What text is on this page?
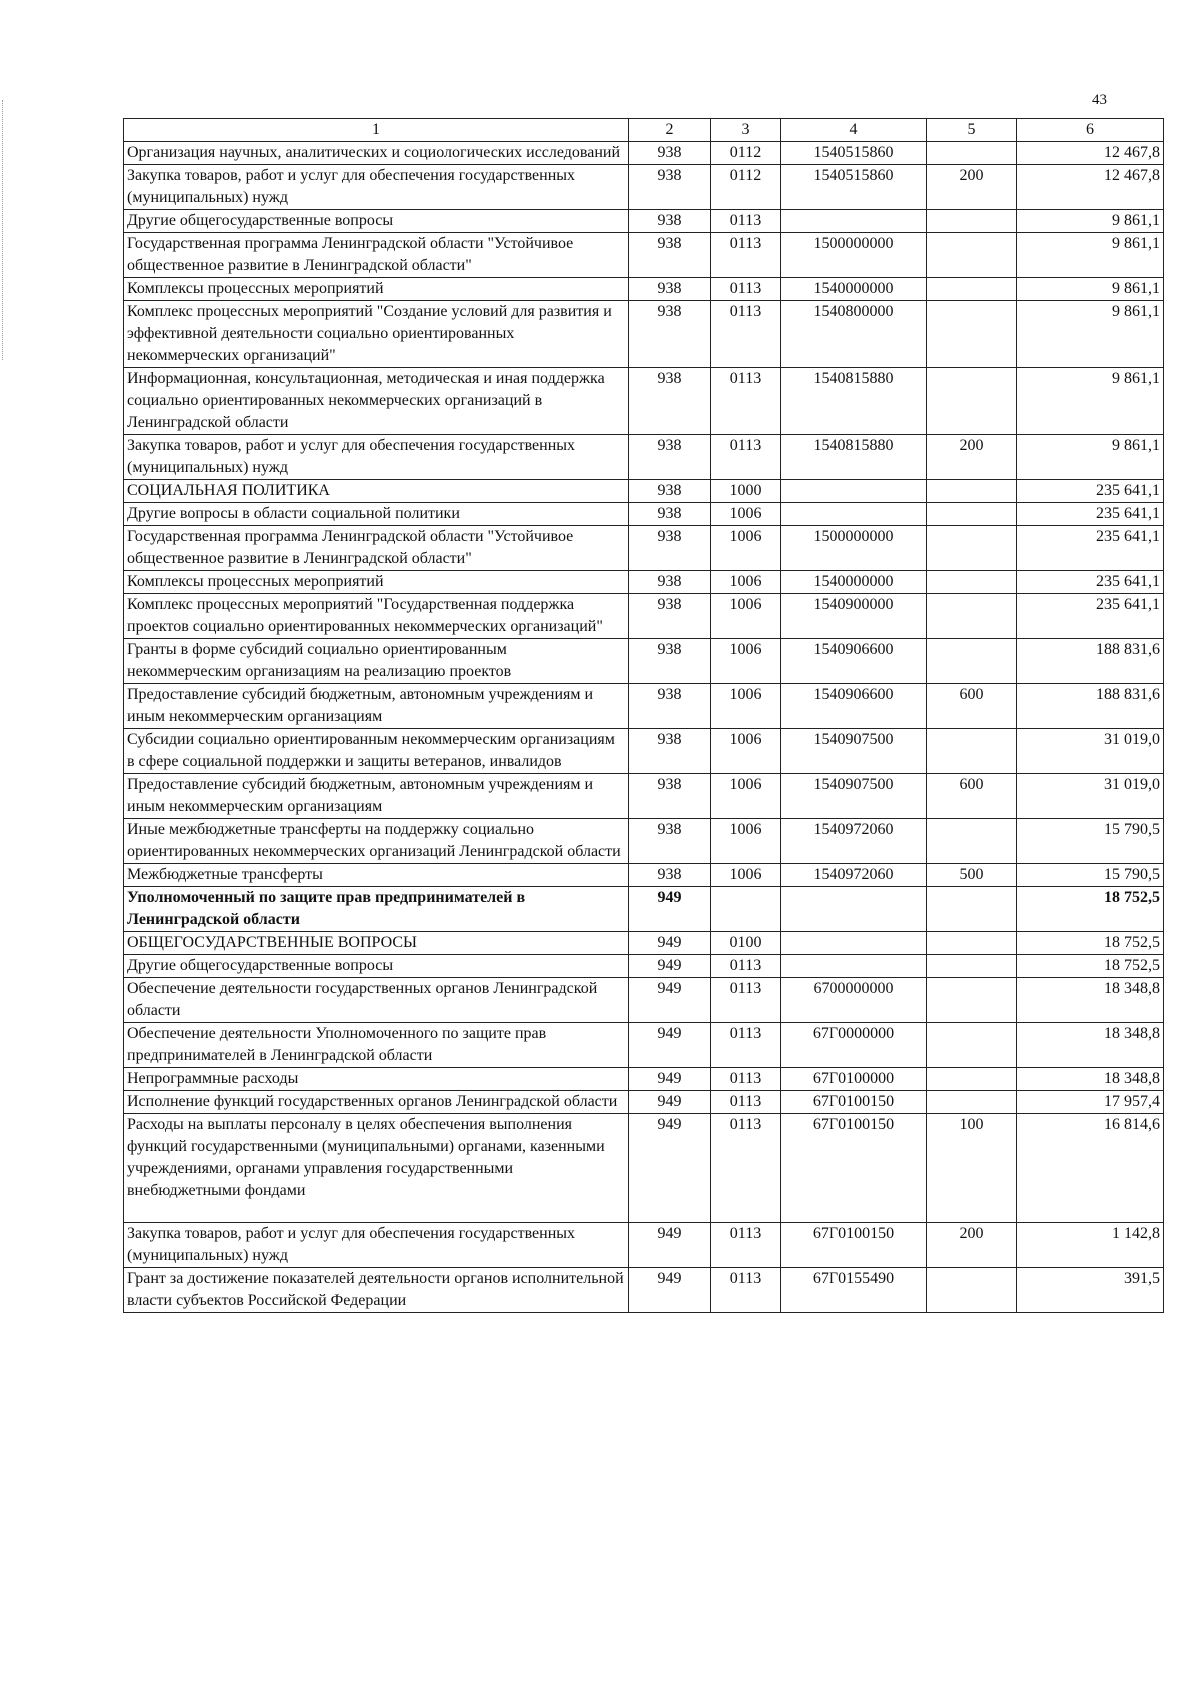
43
1	2	3	4	5	6
Организация научных, аналитических и социологических исследований	938	0112	1540515860		12 467,8
Закупка товаров, работ и услуг для обеспечения государственных (муниципальных) нужд	938	0112	1540515860	200	12 467,8
Другие общегосударственные вопросы	938	0113			9 861,1
Государственная программа Ленинградской области "Устойчивое общественное развитие в Ленинградской области"	938	0113	1500000000		9 861,1
Комплексы процессных мероприятий	938	0113	1540000000		9 861,1
Комплекс процессных мероприятий "Создание условий для развития и эффективной деятельности социально ориентированных некоммерческих организаций"	938	0113	1540800000		9 861,1
Информационная, консультационная, методическая и иная поддержка социально ориентированных некоммерческих организаций в Ленинградской области	938	0113	1540815880		9 861,1
Закупка товаров, работ и услуг для обеспечения государственных (муниципальных) нужд	938	0113	1540815880	200	9 861,1
СОЦИАЛЬНАЯ ПОЛИТИКА	938	1000			235 641,1
Другие вопросы в области социальной политики	938	1006			235 641,1
Государственная программа Ленинградской области "Устойчивое общественное развитие в Ленинградской области"	938	1006	1500000000		235 641,1
Комплексы процессных мероприятий	938	1006	1540000000		235 641,1
Комплекс процессных мероприятий "Государственная поддержка проектов социально ориентированных некоммерческих организаций"	938	1006	1540900000		235 641,1
Гранты в форме субсидий социально ориентированным некоммерческим организациям на реализацию проектов	938	1006	1540906600		188 831,6
Предоставление субсидий бюджетным, автономным учреждениям и иным некоммерческим организациям	938	1006	1540906600	600	188 831,6
Субсидии социально ориентированным некоммерческим организациям в сфере социальной поддержки и защиты ветеранов, инвалидов	938	1006	1540907500		31 019,0
Предоставление субсидий бюджетным, автономным учреждениям и иным некоммерческим организациям	938	1006	1540907500	600	31 019,0
Иные межбюджетные трансферты на поддержку социально ориентированных некоммерческих организаций Ленинградской области	938	1006	1540972060		15 790,5
Межбюджетные трансферты	938	1006	1540972060	500	15 790,5
Уполномоченный по защите прав предпринимателей в Ленинградской области	949				18 752,5
ОБЩЕГОСУДАРСТВЕННЫЕ ВОПРОСЫ	949	0100			18 752,5
Другие общегосударственные вопросы	949	0113			18 752,5
Обеспечение деятельности государственных органов Ленинградской области	949	0113	6700000000		18 348,8
Обеспечение деятельности Уполномоченного по защите прав предпринимателей в Ленинградской области	949	0113	67Г0000000		18 348,8
Непрограммные расходы	949	0113	67Г0100000		18 348,8
Исполнение функций государственных органов Ленинградской области	949	0113	67Г0100150		17 957,4
Расходы на выплаты персоналу в целях обеспечения выполнения функций государственными (муниципальными) органами, казенными учреждениями, органами управления государственными внебюджетными фондами	949	0113	67Г0100150	100	16 814,6
Закупка товаров, работ и услуг для обеспечения государственных (муниципальных) нужд	949	0113	67Г0100150	200	1 142,8
Грант за достижение показателей деятельности органов исполнительной власти субъектов Российской Федерации	949	0113	67Г0155490		391,5
